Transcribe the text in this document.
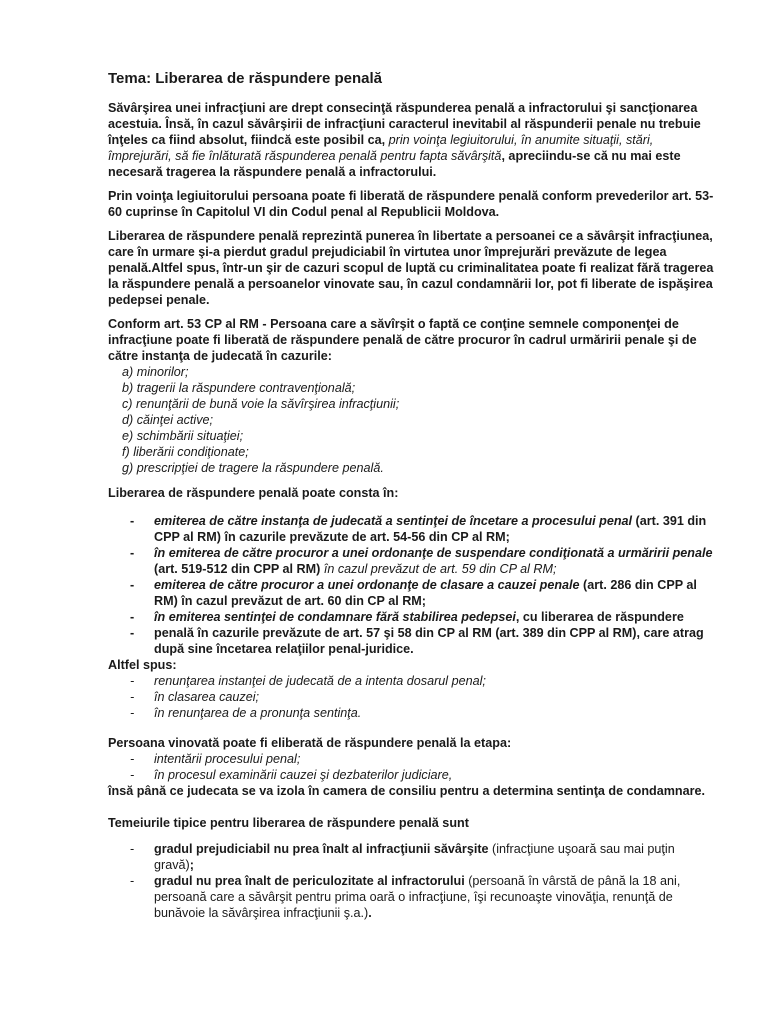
Tema: Liberarea de răspundere penală

Săvârşirea unei infracţiuni are drept consecinţă răspunderea penală a infractorului şi sancţionarea acestuia. Însă, în cazul săvârşirii de infracţiuni caracterul inevitabil al răspunderii penale nu trebuie înţeles ca fiind absolut, fiindcă este posibil ca, prin voinţa legiuitorului, în anumite situaţii, stări, împrejurări, să fie înlăturată răspunderea penală pentru fapta săvârşită, apreciindu-se că nu mai este necesară tragerea la răspundere penală a infractorului.

Prin voinţa legiuitorului persoana poate fi liberată de răspundere penală conform prevederilor art. 53-60 cuprinse în Capitolul VI din Codul penal al Republicii Moldova.

Liberarea de răspundere penală reprezintă punerea în libertate a persoanei ce a săvârşit infracţiunea, care în urmare şi-a pierdut gradul prejudiciabil în virtutea unor împrejurări prevăzute de legea penală.Altfel spus, într-un şir de cazuri scopul de luptă cu criminalitatea poate fi realizat fără tragerea la răspundere penală a persoanelor vinovate sau, în cazul condamnării lor, pot fi liberate de ispăşirea pedepsei penale.

Conform art. 53 CP al RM - Persoana care a săvîrşit o faptă ce conţine semnele componenţei de infracţiune poate fi liberată de răspundere penală de către procuror în cadrul urmăririi penale şi de către instanţa de judecată în cazurile:

a) minorilor;
b) tragerii la răspundere contravenţională;
c) renunţării de bună voie la săvîrşirea infracţiunii;
d) căinţei active;
e) schimbării situaţiei;
f) liberării condiţionate;
g) prescripţiei de tragere la răspundere penală.

Liberarea de răspundere penală poate consta în:

- emiterea de către instanţa de judecată a sentinţei de încetare a procesului penal (art. 391 din CPP al RM) în cazurile prevăzute de art. 54-56 din CP al RM;
- în emiterea de către procuror a unei ordonanţe de suspendare condiţionată a urmăririi penale (art. 519-512 din CPP al RM) în cazul prevăzut de art. 59 din CP al RM;
- emiterea de către procuror a unei ordonanţe de clasare a cauzei penale (art. 286 din CPP al RM) în cazul prevăzut de art. 60 din CP al RM;
- în emiterea sentinţei de condamnare fără stabilirea pedepsei, cu liberarea de răspundere
- penală în cazurile prevăzute de art. 57 şi 58 din CP al RM (art. 389 din CPP al RM), care atrag după sine încetarea relaţiilor penal-juridice.
Altfel spus:
- renunţarea instanţei de judecată de a intenta dosarul penal;
- în clasarea cauzei;
- în renunţarea de a pronunţa sentinţa.
Persoana vinovată poate fi eliberată de răspundere penală la etapa:
- intentării procesului penal;
- în procesul examinării cauzei şi dezbaterilor judiciare,

însă până ce judecata se va izola în camera de consiliu pentru a determina sentinţa de condamnare.

Temeiurile tipice pentru liberarea de răspundere penală sunt

- gradul prejudiciabil nu prea înalt al infracţiunii săvârşite (infracţiune uşoară sau mai puţin gravă);
- gradul nu prea înalt de periculozitate al infractorului (persoană în vârstă de până la 18 ani, persoană care a săvârşit pentru prima oară o infracţiune, îşi recunoaşte vinovăţia, renunţă de bunăvoie la săvârşirea infracţiunii ş.a.).
